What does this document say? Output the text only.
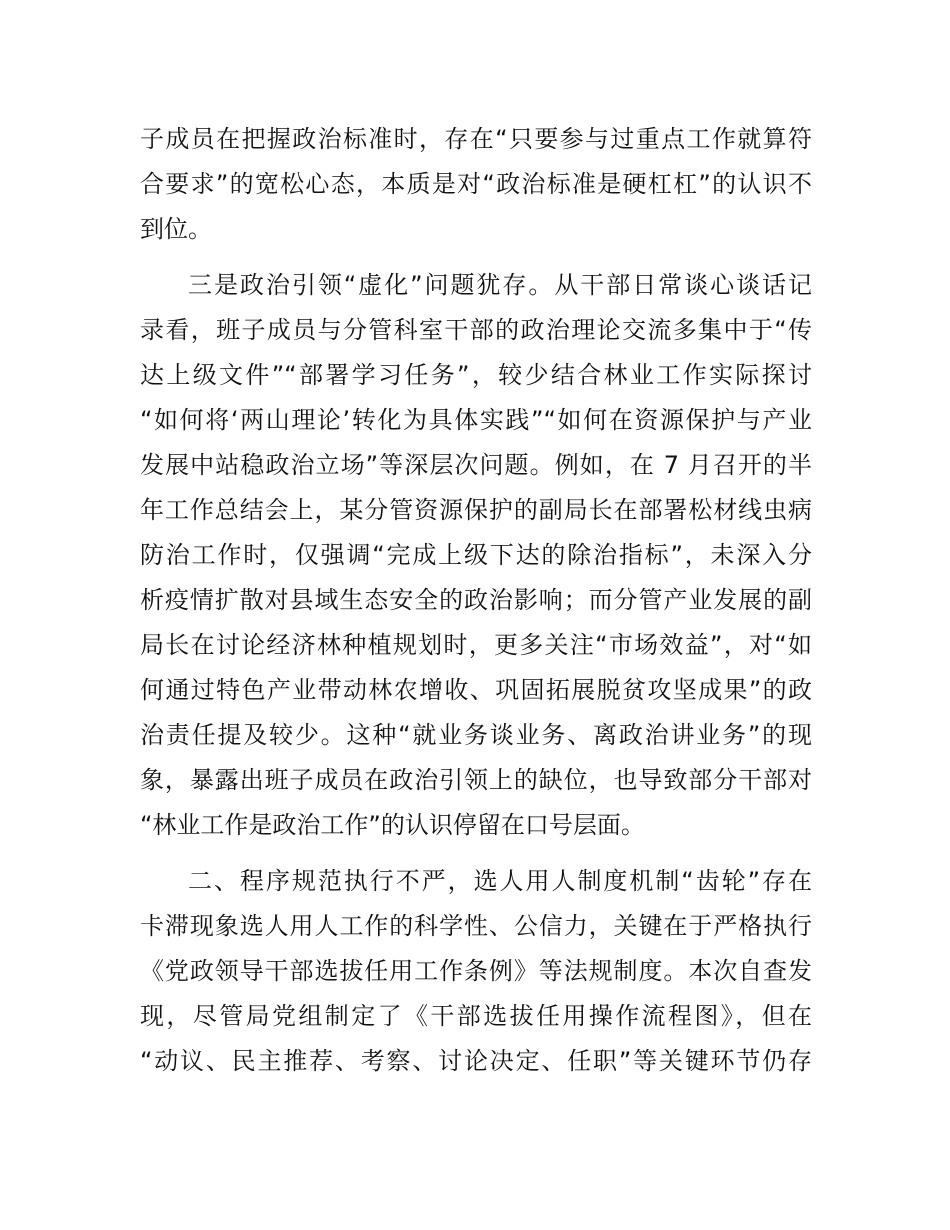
子成员在把握政治标准时，存在“只要参与过重点工作就算符
合要求”的宽松心态，本质是对“政治标准是硬杠杠”的认识不
到位。
三是政治引领“虚化”问题犹存。从干部日常谈心谈话记
录看，班子成员与分管科室干部的政治理论交流多集中于“传
达上级文件”“部署学习任务”，较少结合林业工作实际探讨
“如何将‘两山理论’转化为具体实践”“如何在资源保护与产业
发展中站稳政治立场”等深层次问题。例如，在 7 月召开的半
年工作总结会上，某分管资源保护的副局长在部署松材线虫病
防治工作时，仅强调“完成上级下达的除治指标”，未深入分
析疫情扩散对县域生态安全的政治影响；而分管产业发展的副
局长在讨论经济林种植规划时，更多关注“市场效益”，对“如
何通过特色产业带动林农增收、巩固拓展脱贫攻坚成果”的政
治责任提及较少。这种“就业务谈业务、离政治讲业务”的现
象，暴露出班子成员在政治引领上的缺位，也导致部分干部对
“林业工作是政治工作”的认识停留在口号层面。
二、程序规范执行不严，选人用人制度机制“齿轮”存在
卡滞现象选人用人工作的科学性、公信力，关键在于严格执行
《党政领导干部选拔任用工作条例》等法规制度。本次自查发
现，尽管局党组制定了《干部选拔任用操作流程图》，但在
“动议、民主推荐、考察、讨论决定、任职”等关键环节仍存
